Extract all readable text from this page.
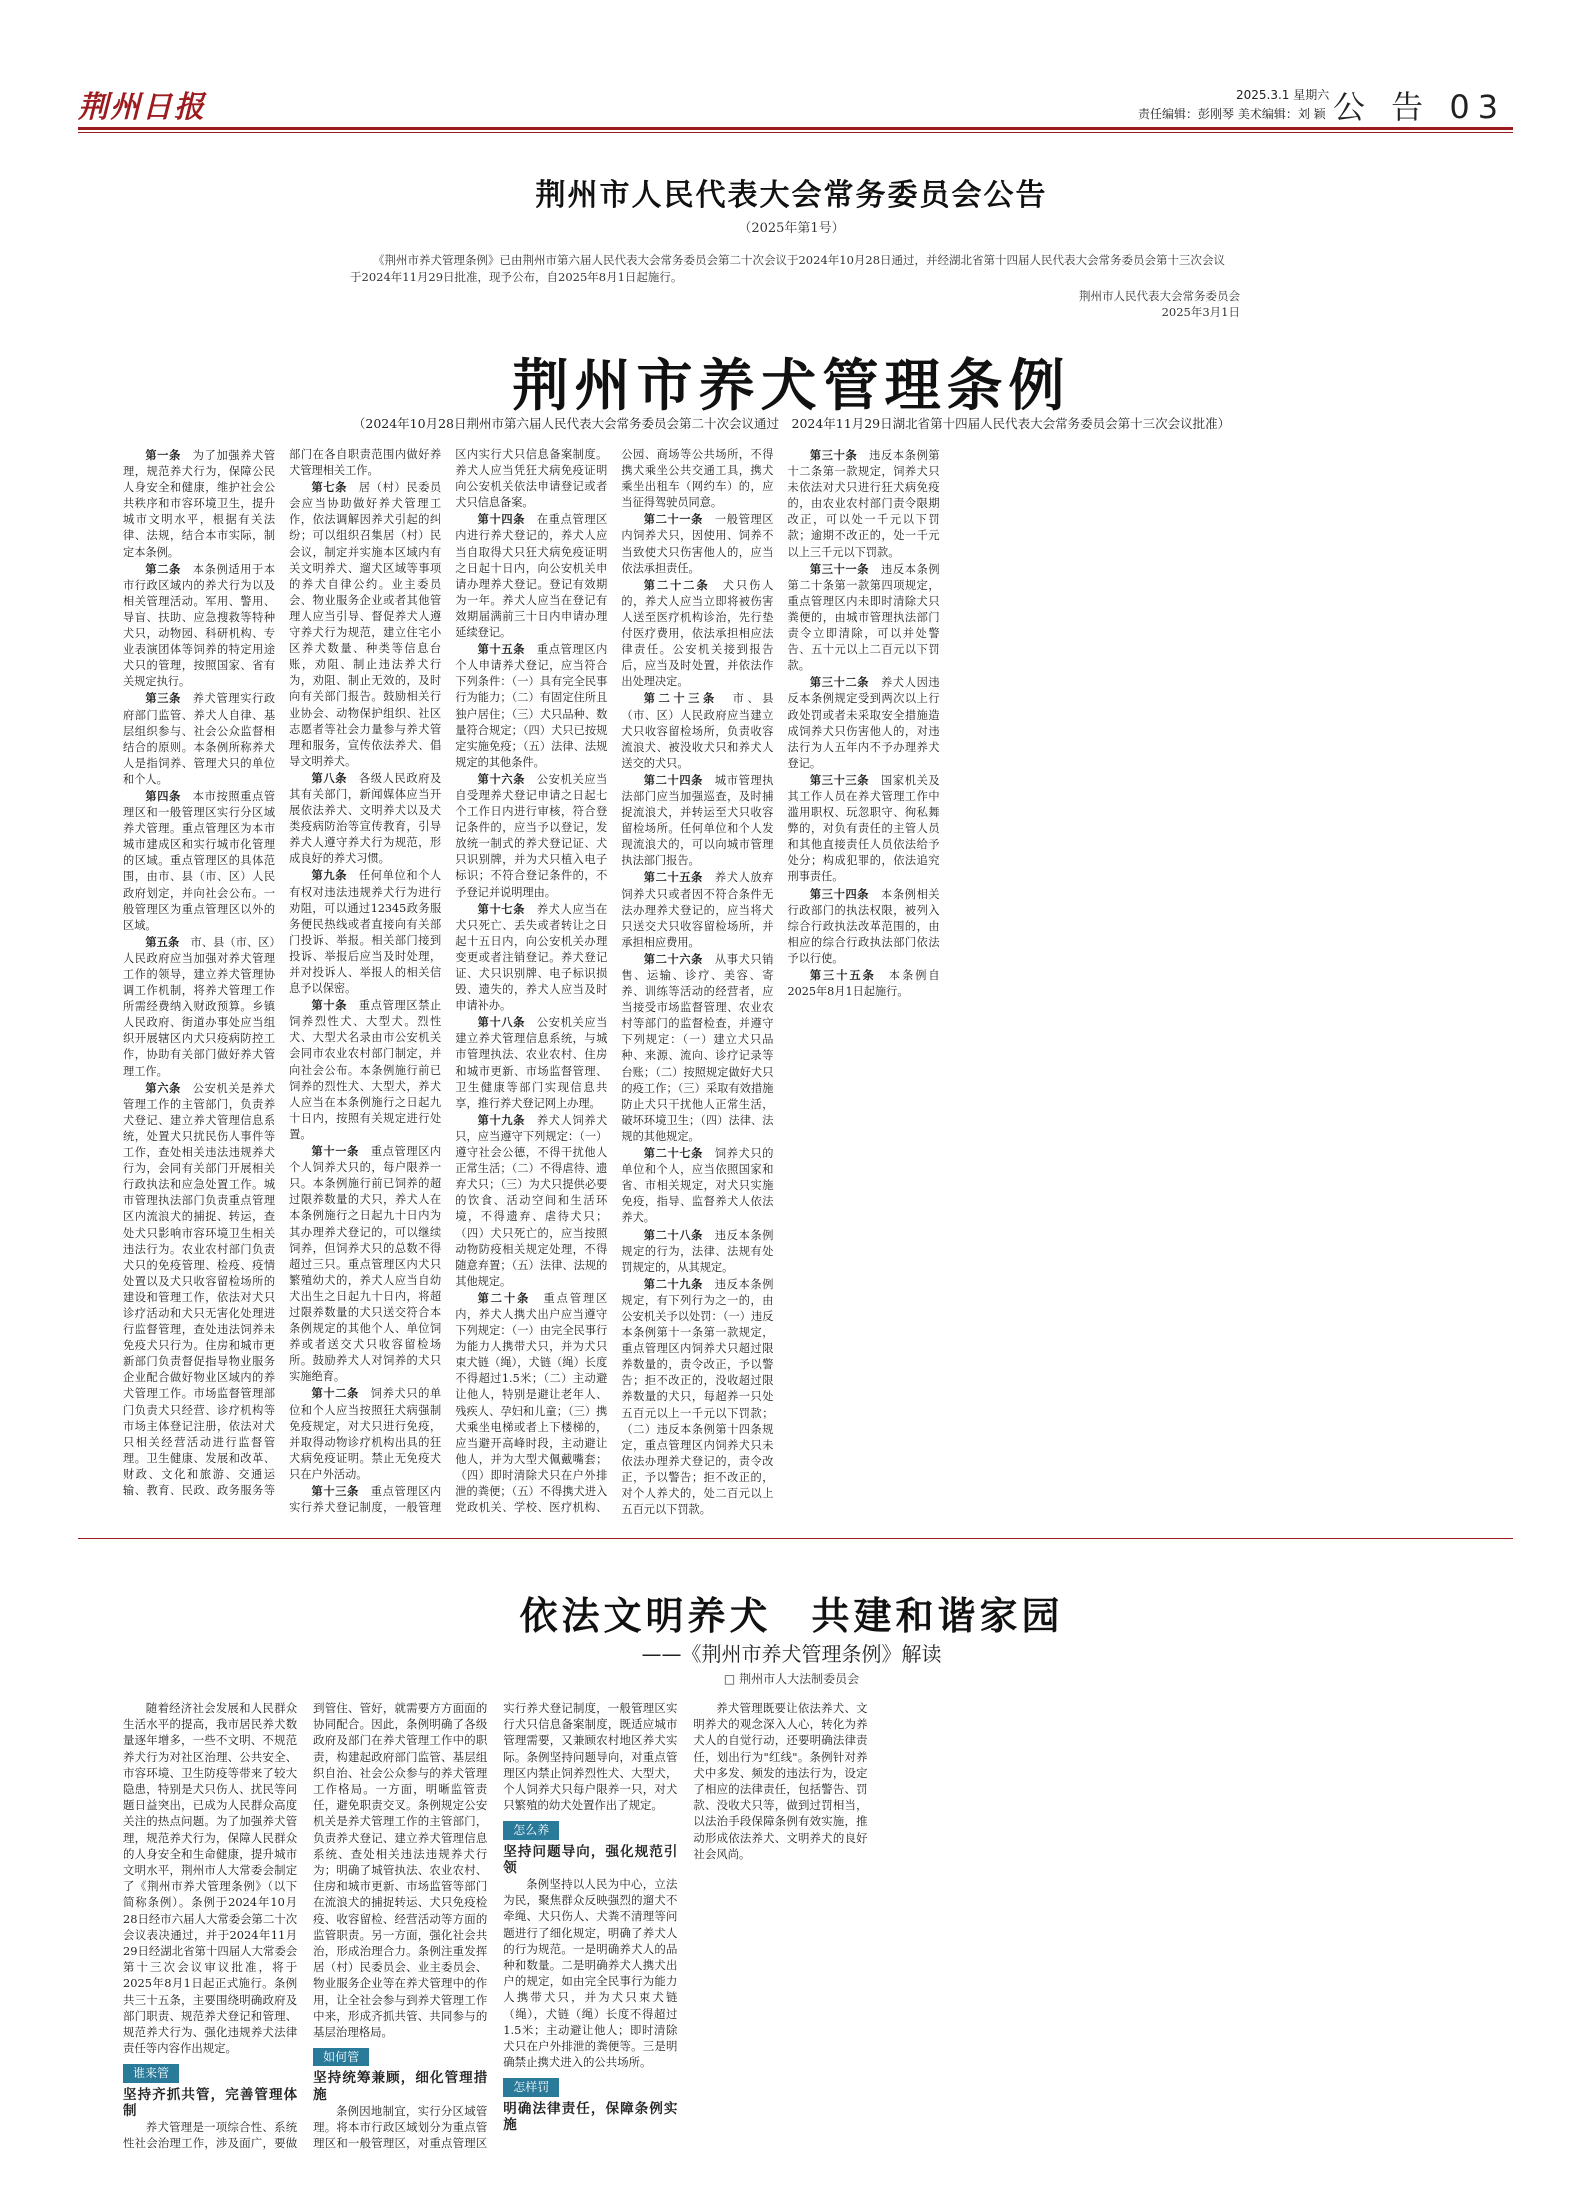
荆州日报	2025.3.1 星期六
责任编辑：彭刚琴 美术编辑：刘 颖 公 告 03
荆州市人民代表大会常务委员会公告
（2025年第1号）
《荆州市养犬管理条例》已由荆州市第六届人民代表大会常务委员会第二十次会议于2024年10月28日通过，并经湖北省第十四届人民代表大会常务委员会第十三次会议于2024年11月29日批准，现予公布，自2025年8月1日起施行。
荆州市人民代表大会常务委员会
2025年3月1日
荆州市养犬管理条例
（2024年10月28日荆州市第六届人民代表大会常务委员会第二十次会议通过　2024年11月29日湖北省第十四届人民代表大会常务委员会第十三次会议批准）

第一条　为了加强养犬管理，规范养犬行为，保障公民人身安全和健康，维护社会公共秩序和市容环境卫生，提升城市文明水平，根据有关法律、法规，结合本市实际，制定本条例。

第二条　本条例适用于本市行政区域内的养犬行为以及相关管理活动。军用、警用、导盲、扶助、应急搜救等特种犬只，动物园、科研机构、专业表演团体等饲养的特定用途犬只的管理，按照国家、省有关规定执行。

第三条　养犬管理实行政府部门监管、养犬人自律、基层组织参与、社会公众监督相结合的原则。本条例所称养犬人是指饲养、管理犬只的单位和个人。

第四条　本市按照重点管理区和一般管理区实行分区域养犬管理。重点管理区为本市城市建成区和实行城市化管理的区域。重点管理区的具体范围，由市、县（市、区）人民政府划定，并向社会公布。一般管理区为重点管理区以外的区域。

第五条　市、县（市、区）人民政府应当加强对养犬管理工作的领导，建立养犬管理协调工作机制，将养犬管理工作所需经费纳入财政预算。乡镇人民政府、街道办事处应当组织开展辖区内犬只疫病防控工作，协助有关部门做好养犬管理工作。

第六条　公安机关是养犬管理工作的主管部门，负责养犬登记、建立养犬管理信息系统，处置犬只扰民伤人事件等工作，查处相关违法违规养犬行为，会同有关部门开展相关行政执法和应急处置工作。城市管理执法部门负责重点管理区内流浪犬的捕捉、转运，查处犬只影响市容环境卫生相关违法行为。农业农村部门负责犬只的免疫管理、检疫、疫情处置以及犬只收容留检场所的建设和管理工作，依法对犬只诊疗活动和犬只无害化处理进行监督管理，查处违法饲养未免疫犬只行为。住房和城市更新部门负责督促指导物业服务企业配合做好物业区域内的养犬管理工作。市场监督管理部门负责犬只经营、诊疗机构等市场主体登记注册，依法对犬只相关经营活动进行监督管理。卫生健康、发展和改革、财政、文化和旅游、交通运输、教育、民政、政务服务等部门在各自职责范围内做好养犬管理相关工作。

第七条　居（村）民委员会应当协助做好养犬管理工作，依法调解因养犬引起的纠纷；可以组织召集居（村）民会议，制定并实施本区域内有关文明养犬、遛犬区域等事项的养犬自律公约。业主委员会、物业服务企业或者其他管理人应当引导、督促养犬人遵守养犬行为规范，建立住宅小区养犬数量、种类等信息台账，劝阻、制止违法养犬行为，劝阻、制止无效的，及时向有关部门报告。鼓励相关行业协会、动物保护组织、社区志愿者等社会力量参与养犬管理和服务，宣传依法养犬、倡导文明养犬。

第八条　各级人民政府及其有关部门，新闻媒体应当开展依法养犬、文明养犬以及犬类疫病防治等宣传教育，引导养犬人遵守养犬行为规范，形成良好的养犬习惯。

第九条　任何单位和个人有权对违法违规养犬行为进行劝阻，可以通过12345政务服务便民热线或者直接向有关部门投诉、举报。相关部门接到投诉、举报后应当及时处理，并对投诉人、举报人的相关信息予以保密。

第十条　重点管理区禁止饲养烈性犬、大型犬。烈性犬、大型犬名录由市公安机关会同市农业农村部门制定，并向社会公布。本条例施行前已饲养的烈性犬、大型犬，养犬人应当在本条例施行之日起九十日内，按照有关规定进行处置。

第十一条　重点管理区内个人饲养犬只的，每户限养一只。本条例施行前已饲养的超过限养数量的犬只，养犬人在本条例施行之日起九十日内为其办理养犬登记的，可以继续饲养，但饲养犬只的总数不得超过三只。重点管理区内犬只繁殖幼犬的，养犬人应当自幼犬出生之日起九十日内，将超过限养数量的犬只送交符合本条例规定的其他个人、单位饲养或者送交犬只收容留检场所。鼓励养犬人对饲养的犬只实施绝育。

第十二条　饲养犬只的单位和个人应当按照狂犬病强制免疫规定，对犬只进行免疫，并取得动物诊疗机构出具的狂犬病免疫证明。禁止无免疫犬只在户外活动。

第十三条　重点管理区内实行养犬登记制度，一般管理区内实行犬只信息备案制度。养犬人应当凭狂犬病免疫证明向公安机关依法申请登记或者犬只信息备案。

第十四条　在重点管理区内进行养犬登记的，养犬人应当自取得犬只狂犬病免疫证明之日起十日内，向公安机关申请办理养犬登记。登记有效期为一年。养犬人应当在登记有效期届满前三十日内申请办理延续登记。

第十五条　重点管理区内个人申请养犬登记，应当符合下列条件：（一）具有完全民事行为能力；（二）有固定住所且独户居住；（三）犬只品种、数量符合规定；（四）犬只已按规定实施免疫；（五）法律、法规规定的其他条件。

第十六条　公安机关应当自受理养犬登记申请之日起七个工作日内进行审核，符合登记条件的，应当予以登记，发放统一制式的养犬登记证、犬只识别牌，并为犬只植入电子标识；不符合登记条件的，不予登记并说明理由。

第十七条　养犬人应当在犬只死亡、丢失或者转让之日起十五日内，向公安机关办理变更或者注销登记。养犬登记证、犬只识别牌、电子标识损毁、遗失的，养犬人应当及时申请补办。

第十八条　公安机关应当建立养犬管理信息系统，与城市管理执法、农业农村、住房和城市更新、市场监督管理、卫生健康等部门实现信息共享，推行养犬登记网上办理。

第十九条　养犬人饲养犬只，应当遵守下列规定：（一）遵守社会公德，不得干扰他人正常生活；（二）不得虐待、遗弃犬只；（三）为犬只提供必要的饮食、活动空间和生活环境，不得遗弃、虐待犬只；（四）犬只死亡的，应当按照动物防疫相关规定处理，不得随意弃置；（五）法律、法规的其他规定。

第二十条　重点管理区内，养犬人携犬出户应当遵守下列规定：（一）由完全民事行为能力人携带犬只，并为犬只束犬链（绳），犬链（绳）长度不得超过1.5米；（二）主动避让他人，特别是避让老年人、残疾人、孕妇和儿童；（三）携犬乘坐电梯或者上下楼梯的，应当避开高峰时段，主动避让他人，并为大型犬佩戴嘴套；（四）即时清除犬只在户外排泄的粪便；（五）不得携犬进入党政机关、学校、医疗机构、公园、商场等公共场所，不得携犬乘坐公共交通工具，携犬乘坐出租车（网约车）的，应当征得驾驶员同意。

第二十一条　一般管理区内饲养犬只，因使用、饲养不当致使犬只伤害他人的，应当依法承担责任。

第二十二条　犬只伤人的，养犬人应当立即将被伤害人送至医疗机构诊治，先行垫付医疗费用，依法承担相应法律责任。公安机关接到报告后，应当及时处置，并依法作出处理决定。

第二十三条　市、县（市、区）人民政府应当建立犬只收容留检场所，负责收容流浪犬、被没收犬只和养犬人送交的犬只。

第二十四条　城市管理执法部门应当加强巡查，及时捕捉流浪犬，并转运至犬只收容留检场所。任何单位和个人发现流浪犬的，可以向城市管理执法部门报告。

第二十五条　养犬人放弃饲养犬只或者因不符合条件无法办理养犬登记的，应当将犬只送交犬只收容留检场所，并承担相应费用。

第二十六条　从事犬只销售、运输、诊疗、美容、寄养、训练等活动的经营者，应当接受市场监督管理、农业农村等部门的监督检查，并遵守下列规定：（一）建立犬只品种、来源、流向、诊疗记录等台账；（二）按照规定做好犬只的疫工作；（三）采取有效措施防止犬只干扰他人正常生活，破坏环境卫生；（四）法律、法规的其他规定。

第二十七条　饲养犬只的单位和个人，应当依照国家和省、市相关规定，对犬只实施免疫，指导、监督养犬人依法养犬。

第二十八条　违反本条例规定的行为，法律、法规有处罚规定的，从其规定。

第二十九条　违反本条例规定，有下列行为之一的，由公安机关予以处罚：（一）违反本条例第十一条第一款规定，重点管理区内饲养犬只超过限养数量的，责令改正，予以警告；拒不改正的，没收超过限养数量的犬只，每超养一只处五百元以上一千元以下罚款；（二）违反本条例第十四条规定，重点管理区内饲养犬只未依法办理养犬登记的，责令改正，予以警告；拒不改正的，对个人养犬的，处二百元以上五百元以下罚款。

第三十条　违反本条例第十二条第一款规定，饲养犬只未依法对犬只进行狂犬病免疫的，由农业农村部门责令限期改正，可以处一千元以下罚款；逾期不改正的，处一千元以上三千元以下罚款。

第三十一条　违反本条例第二十条第一款第四项规定，重点管理区内未即时清除犬只粪便的，由城市管理执法部门责令立即清除，可以并处警告、五十元以上二百元以下罚款。

第三十二条　养犬人因违反本条例规定受到两次以上行政处罚或者未采取安全措施造成饲养犬只伤害他人的，对违法行为人五年内不予办理养犬登记。

第三十三条　国家机关及其工作人员在养犬管理工作中滥用职权、玩忽职守、徇私舞弊的，对负有责任的主管人员和其他直接责任人员依法给予处分；构成犯罪的，依法追究刑事责任。

第三十四条　本条例相关行政部门的执法权限，被列入综合行政执法改革范围的，由相应的综合行政执法部门依法予以行使。

第三十五条　本条例自2025年8月1日起施行。

依法文明养犬 共建和谐家园
——《荆州市养犬管理条例》解读
□ 荆州市人大法制委员会

随着经济社会发展和人民群众生活水平的提高，我市居民养犬数量逐年增多，一些不文明、不规范养犬行为对社区治理、公共安全、市容环境、卫生防疫等带来了较大隐患，特别是犬只伤人、扰民等问题日益突出，已成为人民群众高度关注的热点问题。为了加强养犬管理，规范养犬行为，保障人民群众的人身安全和生命健康，提升城市文明水平，荆州市人大常委会制定了《荆州市养犬管理条例》（以下简称条例）。条例于2024年10月28日经市六届人大常委会第二十次会议表决通过，并于2024年11月29日经湖北省第十四届人大常委会第十三次会议审议批准，将于2025年8月1日起正式施行。条例共三十五条，主要围绕明确政府及部门职责、规范养犬登记和管理、规范养犬行为、强化违规养犬法律责任等内容作出规定。

谁来管

坚持齐抓共管，完善管理体制

养犬管理是一项综合性、系统性社会治理工作，涉及面广，要做到管住、管好，就需要方方面面的协同配合。因此，条例明确了各级政府及部门在养犬管理工作中的职责，构建起政府部门监管、基层组织自治、社会公众参与的养犬管理工作格局。一方面，明晰监管责任，避免职责交叉。条例规定公安机关是养犬管理工作的主管部门，负责养犬登记、建立养犬管理信息系统、查处相关违法违规养犬行为；明确了城管执法、农业农村、住房和城市更新、市场监管等部门在流浪犬的捕捉转运、犬只免疫检疫、收容留检、经营活动等方面的监管职责。另一方面，强化社会共治，形成治理合力。条例注重发挥居（村）民委员会、业主委员会、物业服务企业等在养犬管理中的作用，让全社会参与到养犬管理工作中来，形成齐抓共管、共同参与的基层治理格局。

如何管

坚持统筹兼顾，细化管理措施

条例因地制宜，实行分区域管理。将本市行政区域划分为重点管理区和一般管理区，对重点管理区实行养犬登记制度，一般管理区实行犬只信息备案制度，既适应城市管理需要，又兼顾农村地区养犬实际。条例坚持问题导向，对重点管理区内禁止饲养烈性犬、大型犬，个人饲养犬只每户限养一只，对犬只繁殖的幼犬处置作出了规定。

怎么养

坚持问题导向，强化规范引领

条例坚持以人民为中心，立法为民，聚焦群众反映强烈的遛犬不牵绳、犬只伤人、犬粪不清理等问题进行了细化规定，明确了养犬人的行为规范。一是明确养犬人的品种和数量。二是明确养犬人携犬出户的规定，如由完全民事行为能力人携带犬只，并为犬只束犬链（绳），犬链（绳）长度不得超过1.5米；主动避让他人；即时清除犬只在户外排泄的粪便等。三是明确禁止携犬进入的公共场所。

怎样罚

明确法律责任，保障条例实施

养犬管理既要让依法养犬、文明养犬的观念深入人心，转化为养犬人的自觉行动，还要明确法律责任，划出行为"红线"。条例针对养犬中多发、频发的违法行为，设定了相应的法律责任，包括警告、罚款、没收犬只等，做到过罚相当，以法治手段保障条例有效实施，推动形成依法养犬、文明养犬的良好社会风尚。
